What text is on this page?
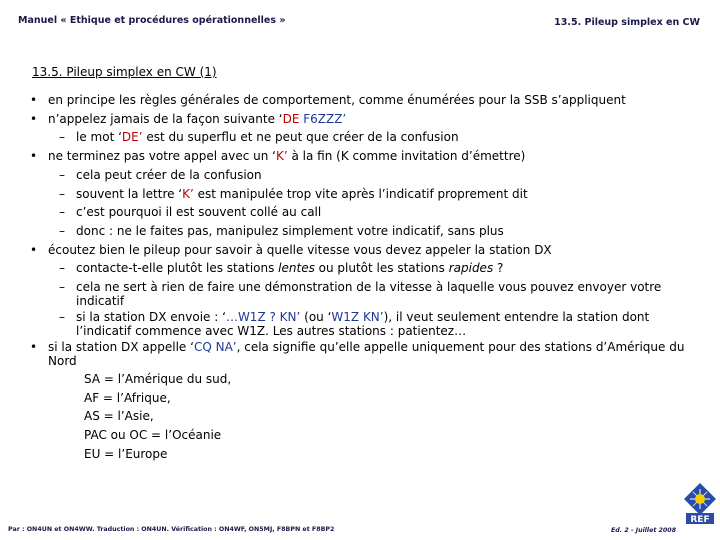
Manuel « Ethique et procédures opérationnelles »	13.5. Pileup simplex en CW
13.5. Pileup simplex en CW (1)
• en principe les règles générales de comportement, comme énumérées pour la SSB s’appliquent
• n’appelez jamais de la façon suivante ‘DE F6ZZZ’
– le mot ‘DE’ est du superflu et ne peut que créer de la confusion
• ne terminez pas votre appel avec un ‘K’ à la fin (K comme invitation d’émettre)
– cela peut créer de la confusion
– souvent la lettre ‘K’ est manipulée trop vite après l’indicatif proprement dit
– c’est pourquoi il est souvent collé au call
– donc : ne le faites pas, manipulez simplement votre indicatif, sans plus
• écoutez bien le pileup pour savoir à quelle vitesse vous devez appeler la station DX
– contacte-t-elle plutôt les stations lentes ou plutôt les stations rapides ?
– cela ne sert à rien de faire une démonstration de la vitesse à laquelle vous pouvez envoyer votre indicatif
– si la station DX envoie : ‘…W1Z ? KN’ (ou ‘W1Z KN’), il veut seulement entendre la station dont l’indicatif commence avec W1Z. Les autres stations : patientez…
• si la station DX appelle ‘CQ NA’, cela signifie qu’elle appelle uniquement pour des stations d’Amérique du Nord
SA = l’Amérique du sud,
AF = l’Afrique,
AS = l’Asie,
PAC ou OC = l’Océanie
EU = l’Europe
Par : ON4UN et ON4WW. Traduction : ON4UN. Vérification : ON4WF, ON5MJ, F8BPN et F8BP2	Ed. 2 - Juillet 2008
REF
